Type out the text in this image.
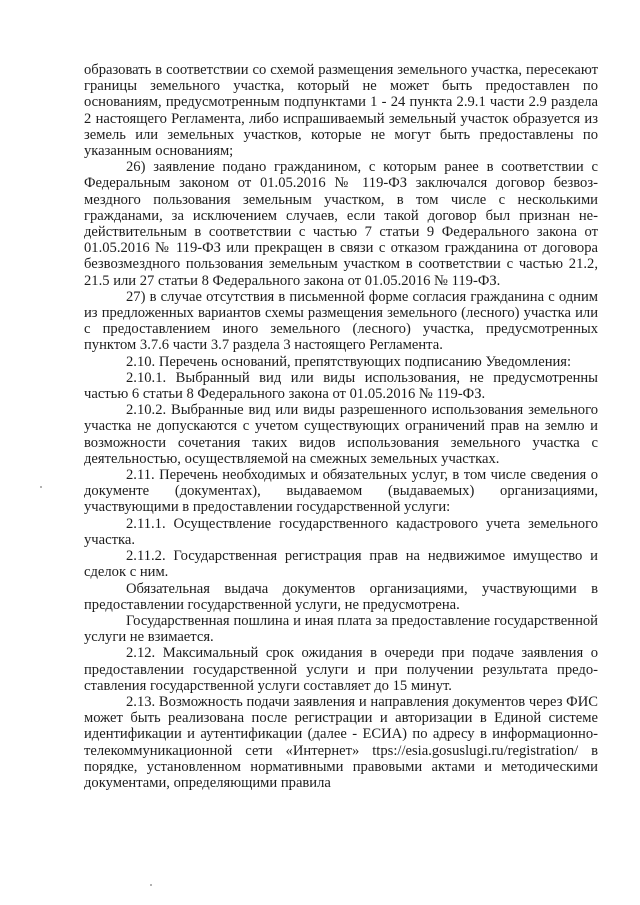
образовать в соответствии со схемой размещения земельного участка, пересекают границы земельного участка, который не может быть предоставлен по основаниям, предусмотренным подпунктами 1 - 24 пункта 2.9.1 части 2.9 раздела 2 настоящего Регламента, либо испрашиваемый земельный участок образуется из земель или земельных участков, которые не могут быть предоставлены по указанным основаниям;

26) заявление подано гражданином, с которым ранее в соответствии с Федеральным законом от 01.05.2016 № 119-ФЗ заключался договор безвозмездного пользования земельным участком, в том числе с несколькими гражданами, за исключением случаев, если такой договор был признан недействительным в соответствии с частью 7 статьи 9 Федерального закона от 01.05.2016 № 119-ФЗ или прекращен в связи с отказом гражданина от договора безвозмездного пользования земельным участком в соответствии с частью 21.2, 21.5 или 27 статьи 8 Федерального закона от 01.05.2016 № 119-ФЗ.

27) в случае отсутствия в письменной форме согласия гражданина с одним из предложенных вариантов схемы размещения земельного (лесного) участка или с предоставлением иного земельного (лесного) участка, предусмотренных пунктом 3.7.6 части 3.7 раздела 3 настоящего Регламента.

2.10. Перечень оснований, препятствующих подписанию Уведомления:

2.10.1. Выбранный вид или виды использования, не предусмотренны частью 6 статьи 8 Федерального закона от 01.05.2016 № 119-ФЗ.

2.10.2. Выбранные вид или виды разрешенного использования земельного участка не допускаются с учетом существующих ограничений прав на землю и возможности сочетания таких видов использования земельного участка с деятельностью, осуществляемой на смежных земельных участках.

2.11. Перечень необходимых и обязательных услуг, в том числе сведения о документе (документах), выдаваемом (выдаваемых) организациями, участвующими в предоставлении государственной услуги:

2.11.1. Осуществление государственного кадастрового учета земельного участка.

2.11.2. Государственная регистрация прав на недвижимое имущество и сделок с ним.

Обязательная выдача документов организациями, участвующими в предоставлении государственной услуги, не предусмотрена.

Государственная пошлина и иная плата за предоставление государственной услуги не взимается.

2.12. Максимальный срок ожидания в очереди при подаче заявления о предоставлении государственной услуги и при получении результата предоставления государственной услуги составляет до 15 минут.

2.13. Возможность подачи заявления и направления документов через ФИС может быть реализована после регистрации и авторизации в Единой системе идентификации и аутентификации (далее - ЕСИА) по адресу в информационно-телекоммуникационной сети «Интернет» ttps://esia.gosuslugi.ru/registration/ в порядке, установленном нормативными правовыми актами и методическими документами, определяющими правила
